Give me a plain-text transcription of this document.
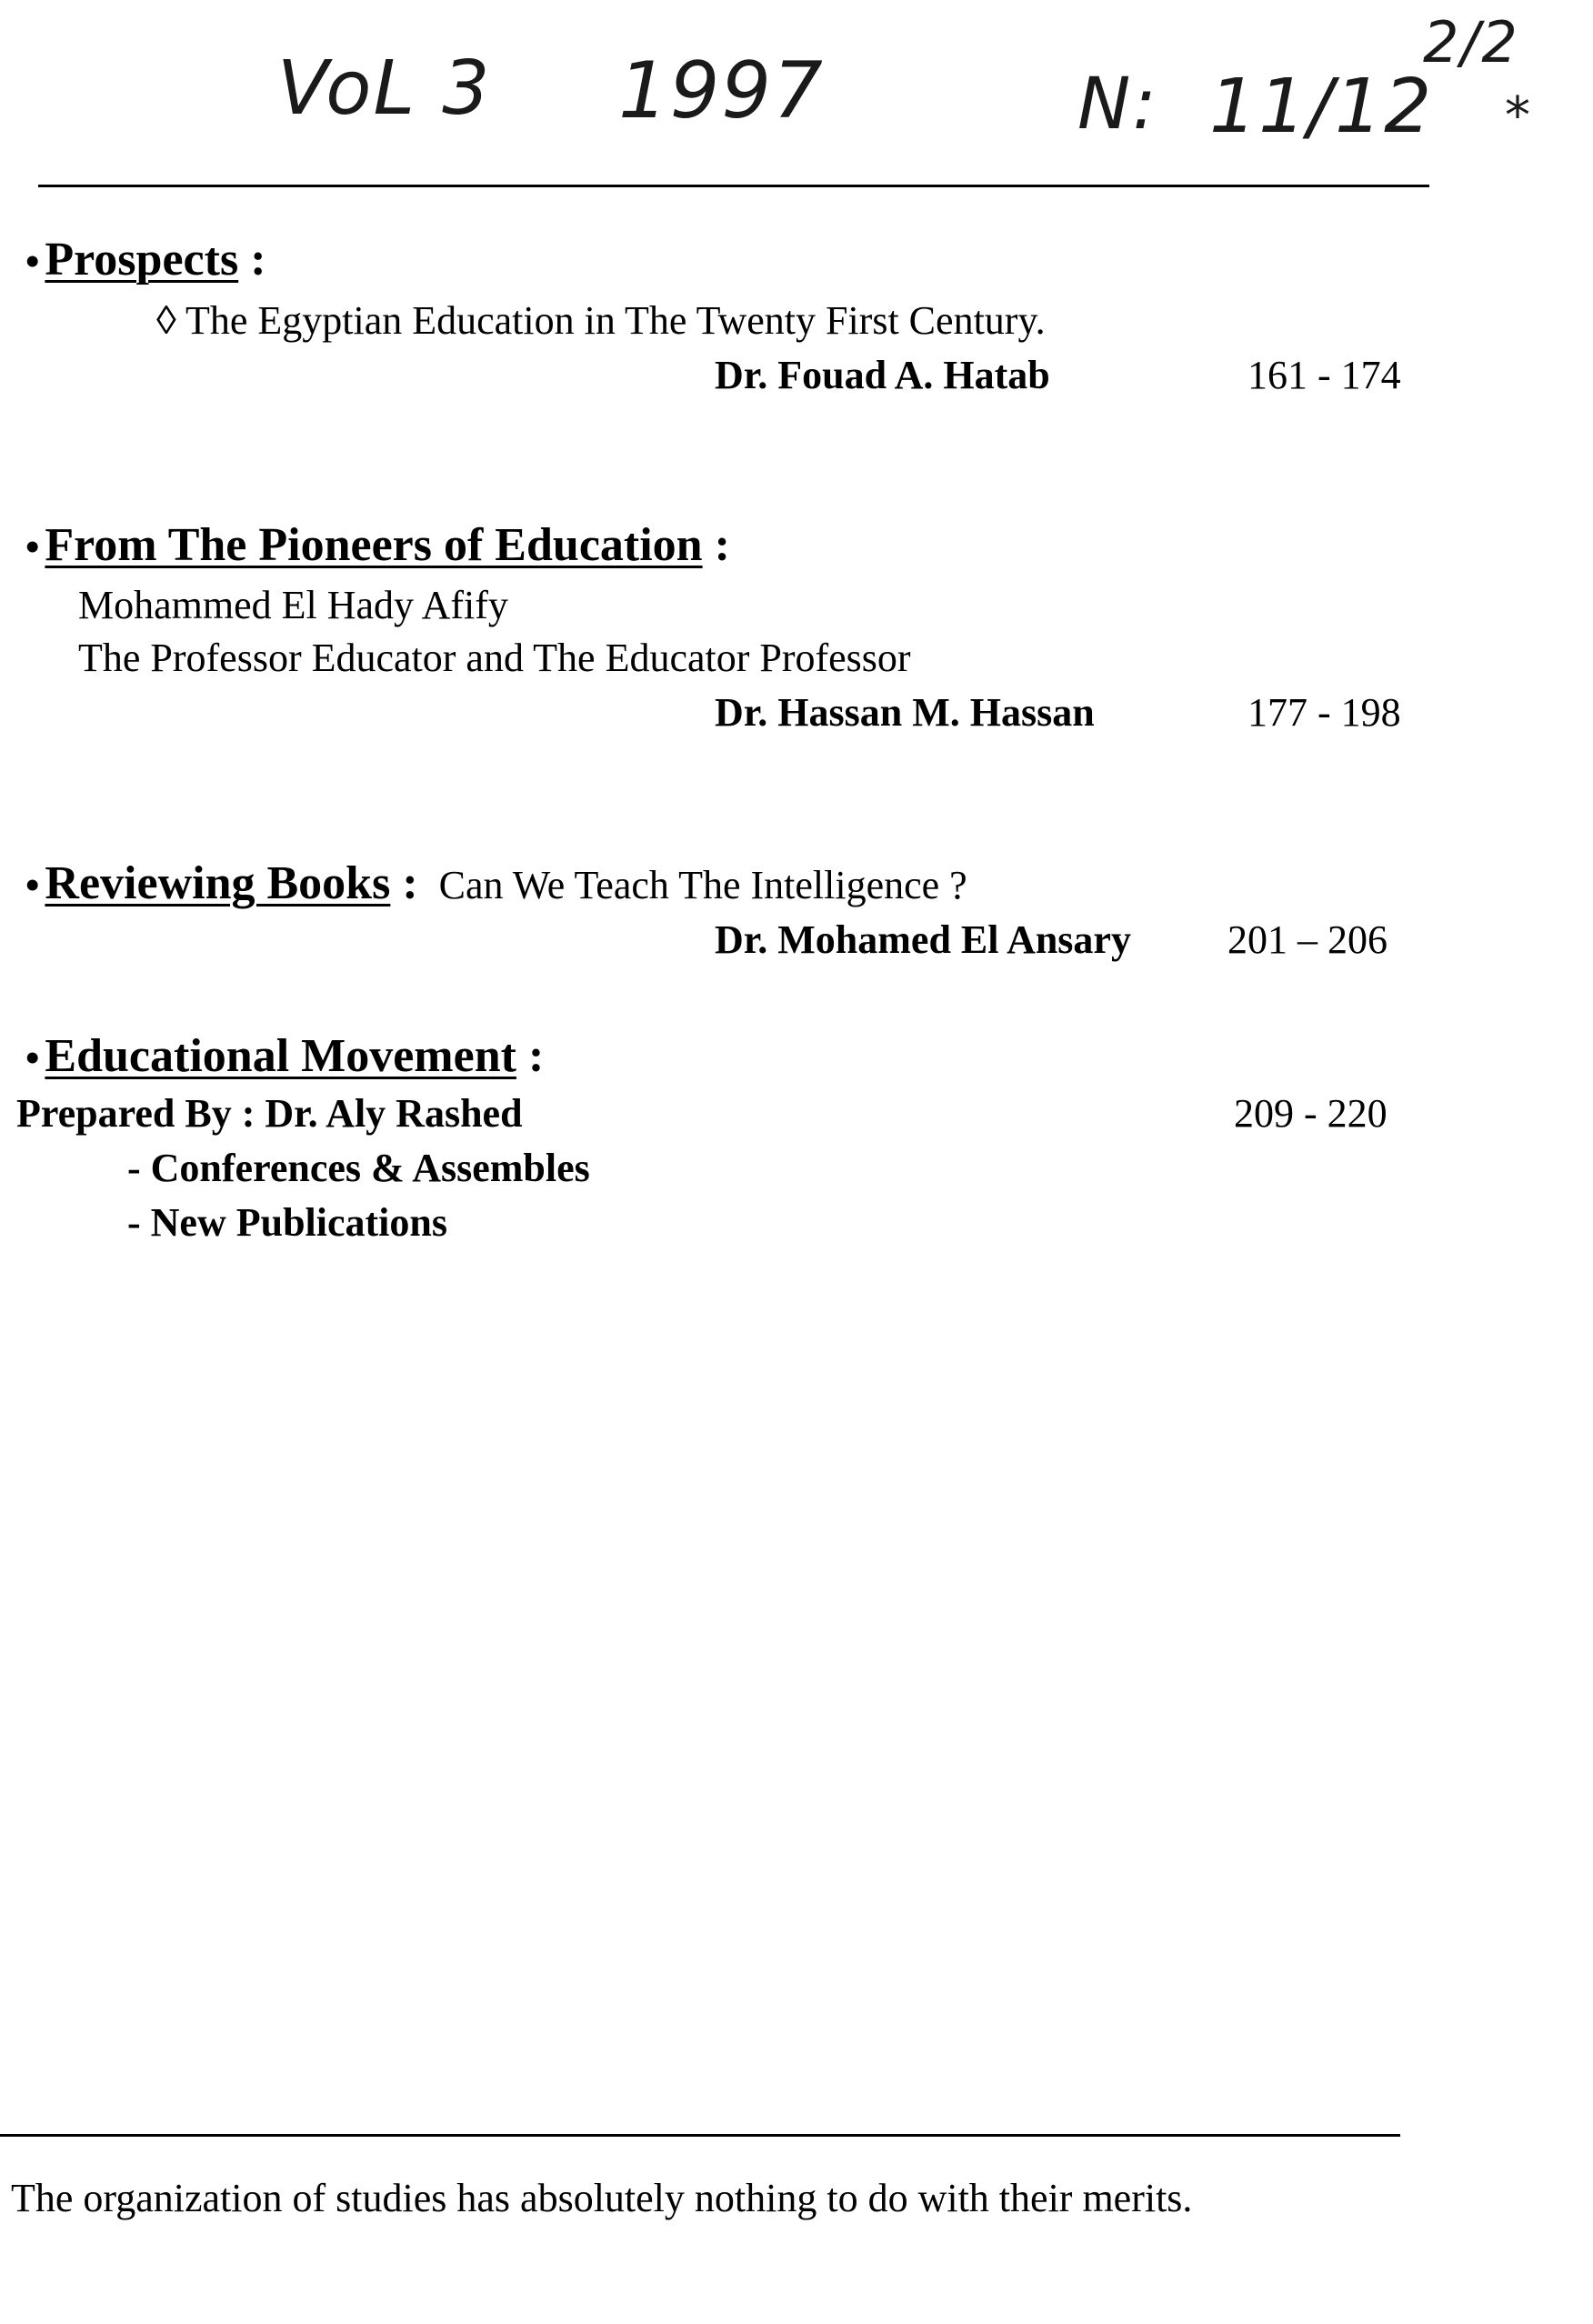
VoL 3 1997	N: 11/12
2/2
*
• Prospects :
◊ The Egyptian Education in The Twenty First Century.
Dr. Fouad A. Hatab	161 - 174
• From The Pioneers of Education :
Mohammed El Hady Afify
The Professor Educator and The Educator Professor
Dr. Hassan M. Hassan	177 - 198
• Reviewing Books : Can We Teach The Intelligence ?
Dr. Mohamed El Ansary 201 – 206
• Educational Movement :
Prepared By : Dr. Aly Rashed	209 - 220
- Conferences & Assembles
- New Publications
The organization of studies has absolutely nothing to do with their merits.
